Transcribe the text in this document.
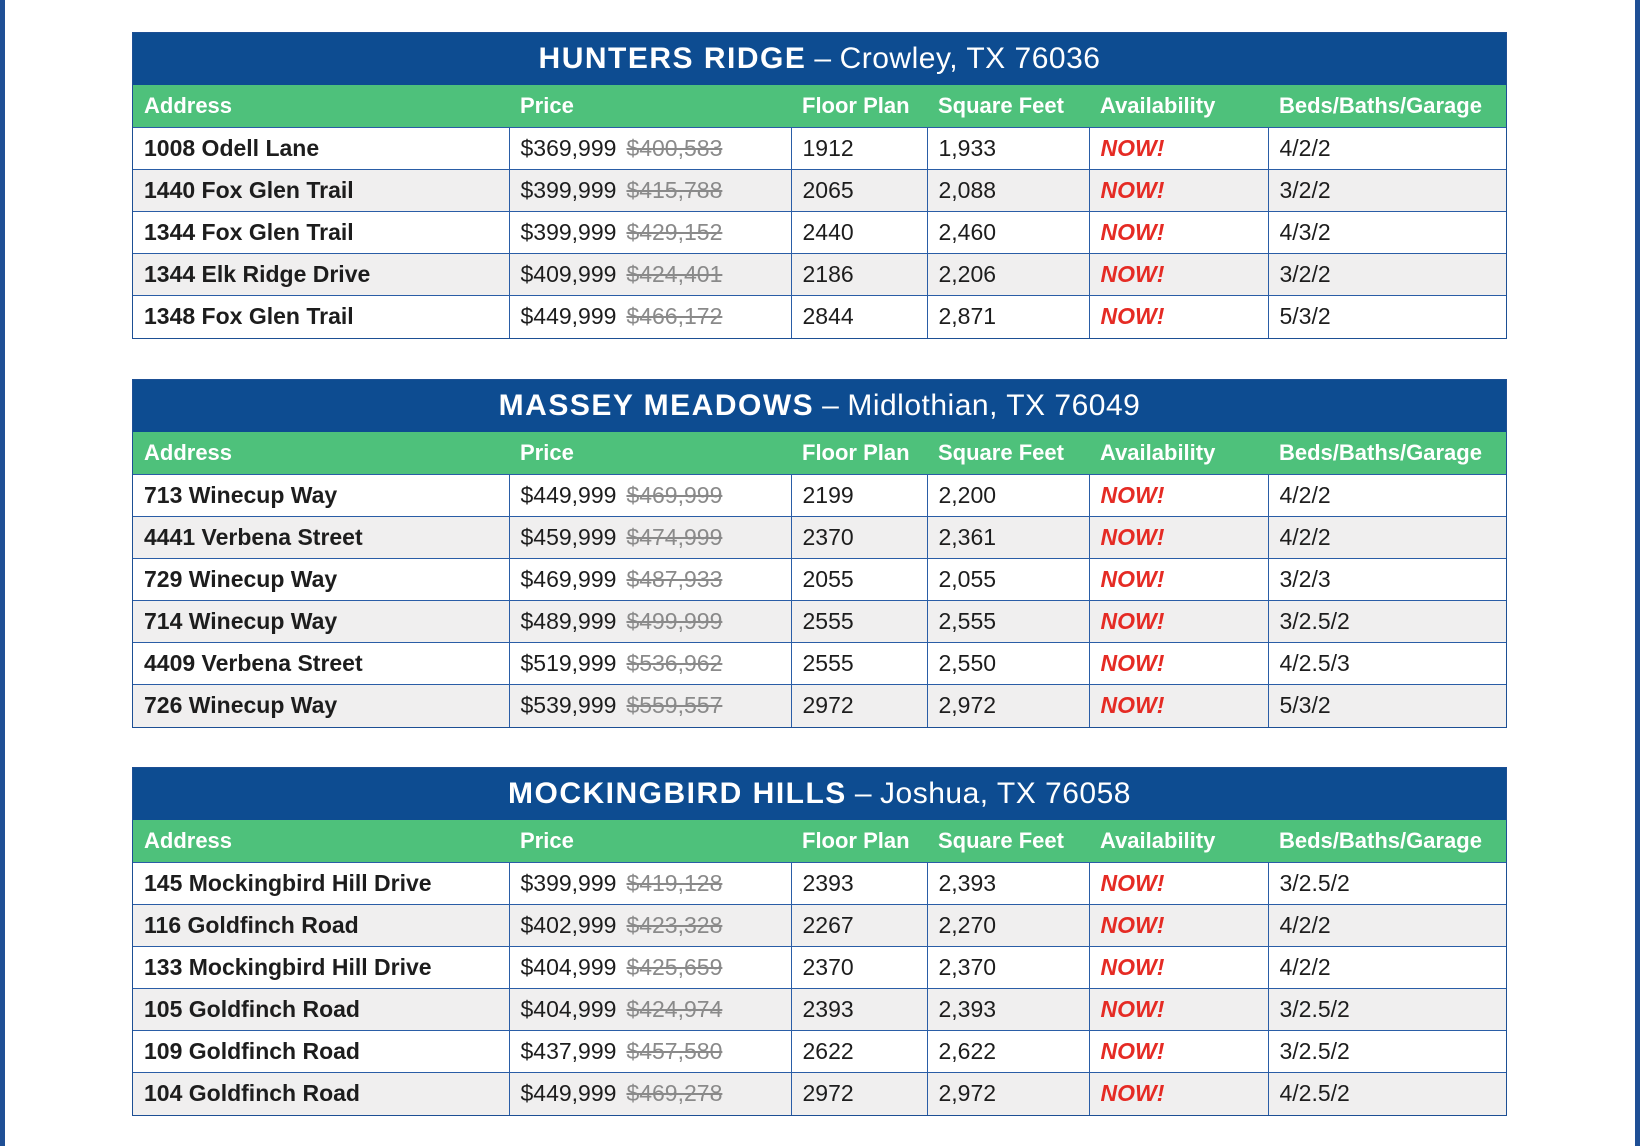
HUNTERS RIDGE – Crowley, TX 76036
Address	Price	Floor Plan	Square Feet	Availability	Beds/Baths/Garage
1008 Odell Lane	$369,999 $400,583	1912	1,933	NOW!	4/2/2
1440 Fox Glen Trail	$399,999 $415,788	2065	2,088	NOW!	3/2/2
1344 Fox Glen Trail	$399,999 $429,152	2440	2,460	NOW!	4/3/2
1344 Elk Ridge Drive	$409,999 $424,401	2186	2,206	NOW!	3/2/2
1348 Fox Glen Trail	$449,999 $466,172	2844	2,871	NOW!	5/3/2
MASSEY MEADOWS – Midlothian, TX 76049
Address	Price	Floor Plan	Square Feet	Availability	Beds/Baths/Garage
713 Winecup Way	$449,999 $469,999	2199	2,200	NOW!	4/2/2
4441 Verbena Street	$459,999 $474,999	2370	2,361	NOW!	4/2/2
729 Winecup Way	$469,999 $487,933	2055	2,055	NOW!	3/2/3
714 Winecup Way	$489,999 $499,999	2555	2,555	NOW!	3/2.5/2
4409 Verbena Street	$519,999 $536,962	2555	2,550	NOW!	4/2.5/3
726 Winecup Way	$539,999 $559,557	2972	2,972	NOW!	5/3/2
MOCKINGBIRD HILLS – Joshua, TX 76058
Address	Price	Floor Plan	Square Feet	Availability	Beds/Baths/Garage
145 Mockingbird Hill Drive	$399,999 $419,128	2393	2,393	NOW!	3/2.5/2
116 Goldfinch Road	$402,999 $423,328	2267	2,270	NOW!	4/2/2
133 Mockingbird Hill Drive	$404,999 $425,659	2370	2,370	NOW!	4/2/2
105 Goldfinch Road	$404,999 $424,974	2393	2,393	NOW!	3/2.5/2
109 Goldfinch Road	$437,999 $457,580	2622	2,622	NOW!	3/2.5/2
104 Goldfinch Road	$449,999 $469,278	2972	2,972	NOW!	4/2.5/2
